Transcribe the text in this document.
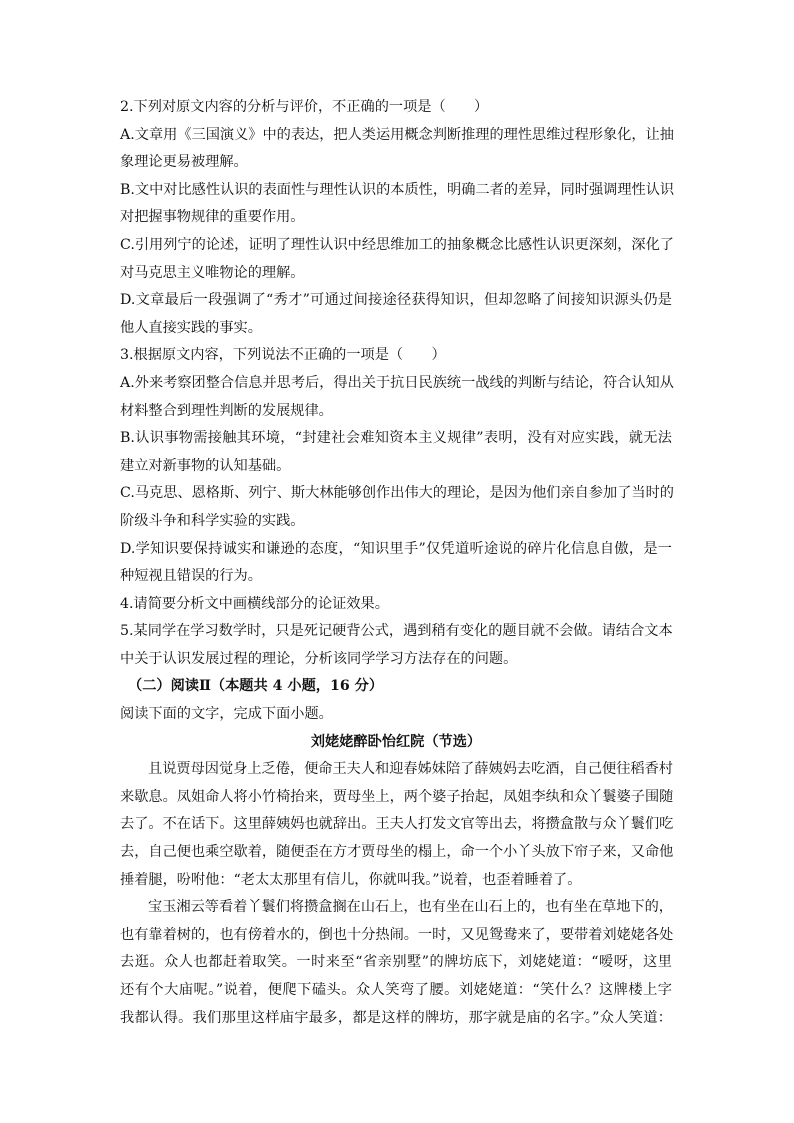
2.下列对原文内容的分析与评价，不正确的一项是（　　）
A.文章用《三国演义》中的表达，把人类运用概念判断推理的理性思维过程形象化，让抽
象理论更易被理解。
B.文中对比感性认识的表面性与理性认识的本质性，明确二者的差异，同时强调理性认识
对把握事物规律的重要作用。
C.引用列宁的论述，证明了理性认识中经思维加工的抽象概念比感性认识更深刻，深化了
对马克思主义唯物论的理解。
D.文章最后一段强调了“秀才”可通过间接途径获得知识，但却忽略了间接知识源头仍是
他人直接实践的事实。
3.根据原文内容，下列说法不正确的一项是（　　）
A.外来考察团整合信息并思考后，得出关于抗日民族统一战线的判断与结论，符合认知从
材料整合到理性判断的发展规律。
B.认识事物需接触其环境，“封建社会难知资本主义规律”表明，没有对应实践，就无法
建立对新事物的认知基础。
C.马克思、恩格斯、列宁、斯大林能够创作出伟大的理论，是因为他们亲自参加了当时的
阶级斗争和科学实验的实践。
D.学知识要保持诚实和谦逊的态度，“知识里手”仅凭道听途说的碎片化信息自傲，是一
种短视且错误的行为。
4.请简要分析文中画横线部分的论证效果。
5.某同学在学习数学时，只是死记硬背公式，遇到稍有变化的题目就不会做。请结合文本
中关于认识发展过程的理论，分析该同学学习方法存在的问题。
（二）阅读Ⅱ（本题共 4 小题，16 分）
阅读下面的文字，完成下面小题。
刘姥姥醉卧怡红院（节选）
且说贾母因觉身上乏倦，便命王夫人和迎春姊妹陪了薛姨妈去吃酒，自己便往稻香村
来歇息。凤姐命人将小竹椅抬来，贾母坐上，两个婆子抬起，凤姐李纨和众丫鬟婆子围随
去了。不在话下。这里薛姨妈也就辞出。王夫人打发文官等出去，将攒盒散与众丫鬟们吃
去，自己便也乘空歇着，随便歪在方才贾母坐的榻上，命一个小丫头放下帘子来，又命他
捶着腿，吩咐他：“老太太那里有信儿，你就叫我。”说着，也歪着睡着了。
宝玉湘云等看着丫鬟们将攒盒搁在山石上，也有坐在山石上的，也有坐在草地下的，
也有靠着树的，也有傍着水的，倒也十分热闹。一时，又见鸳鸯来了，要带着刘姥姥各处
去逛。众人也都赶着取笑。一时来至“省亲别墅”的牌坊底下，刘姥姥道：“嗳呀，这里
还有个大庙呢。”说着，便爬下磕头。众人笑弯了腰。刘姥姥道：“笑什么？这牌楼上字
我都认得。我们那里这样庙宇最多，都是这样的牌坊，那字就是庙的名字。”众人笑道：
